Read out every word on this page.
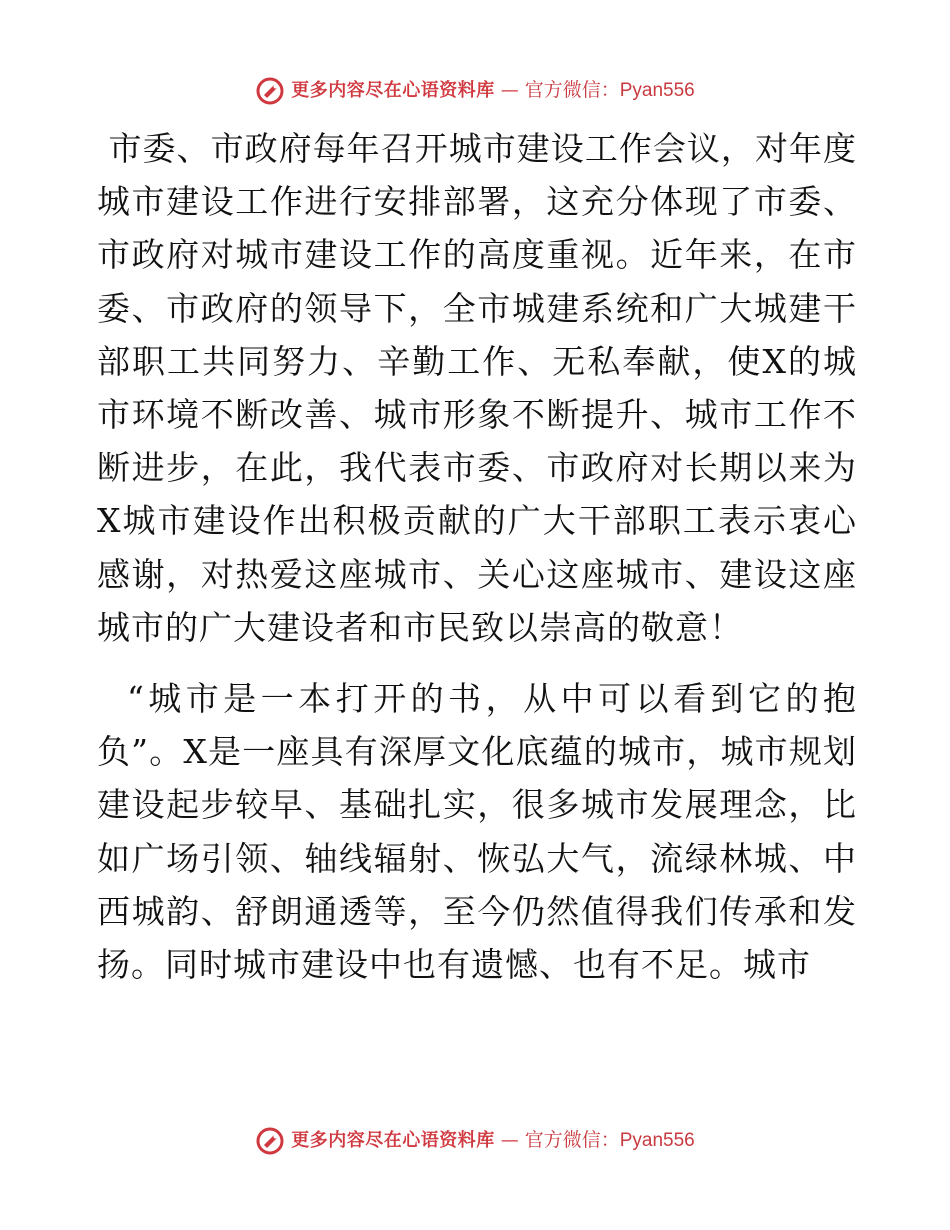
更多内容尽在心语资料库 — 官方微信：Pyan556

市委、市政府每年召开城市建设工作会议，对年度城市建设工作进行安排部署，这充分体现了市委、市政府对城市建设工作的高度重视。近年来，在市委、市政府的领导下，全市城建系统和广大城建干部职工共同努力、辛勤工作、无私奉献，使X的城市环境不断改善、城市形象不断提升、城市工作不断进步，在此，我代表市委、市政府对长期以来为X城市建设作出积极贡献的广大干部职工表示衷心感谢，对热爱这座城市、关心这座城市、建设这座城市的广大建设者和市民致以崇高的敬意！

“城市是一本打开的书，从中可以看到它的抱负”。X是一座具有深厚文化底蕴的城市，城市规划建设起步较早、基础扎实，很多城市发展理念，比如广场引领、轴线辐射、恢弘大气，流绿林城、中西城韵、舒朗通透等，至今仍然值得我们传承和发扬。同时城市建设中也有遗憾、也有不足。城市

更多内容尽在心语资料库 — 官方微信：Pyan556
